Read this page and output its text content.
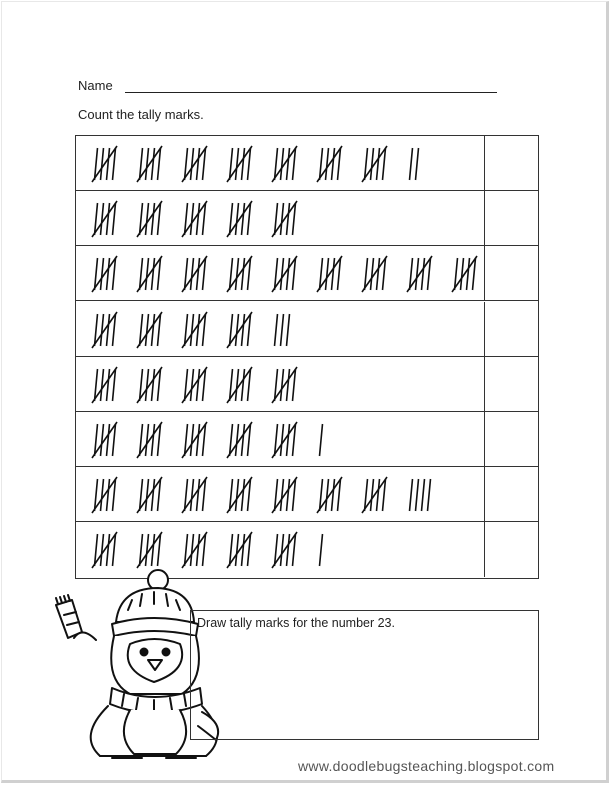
Name
Count the tally marks.
Draw tally marks for the number 23.
www.doodlebugsteaching.blogspot.com
